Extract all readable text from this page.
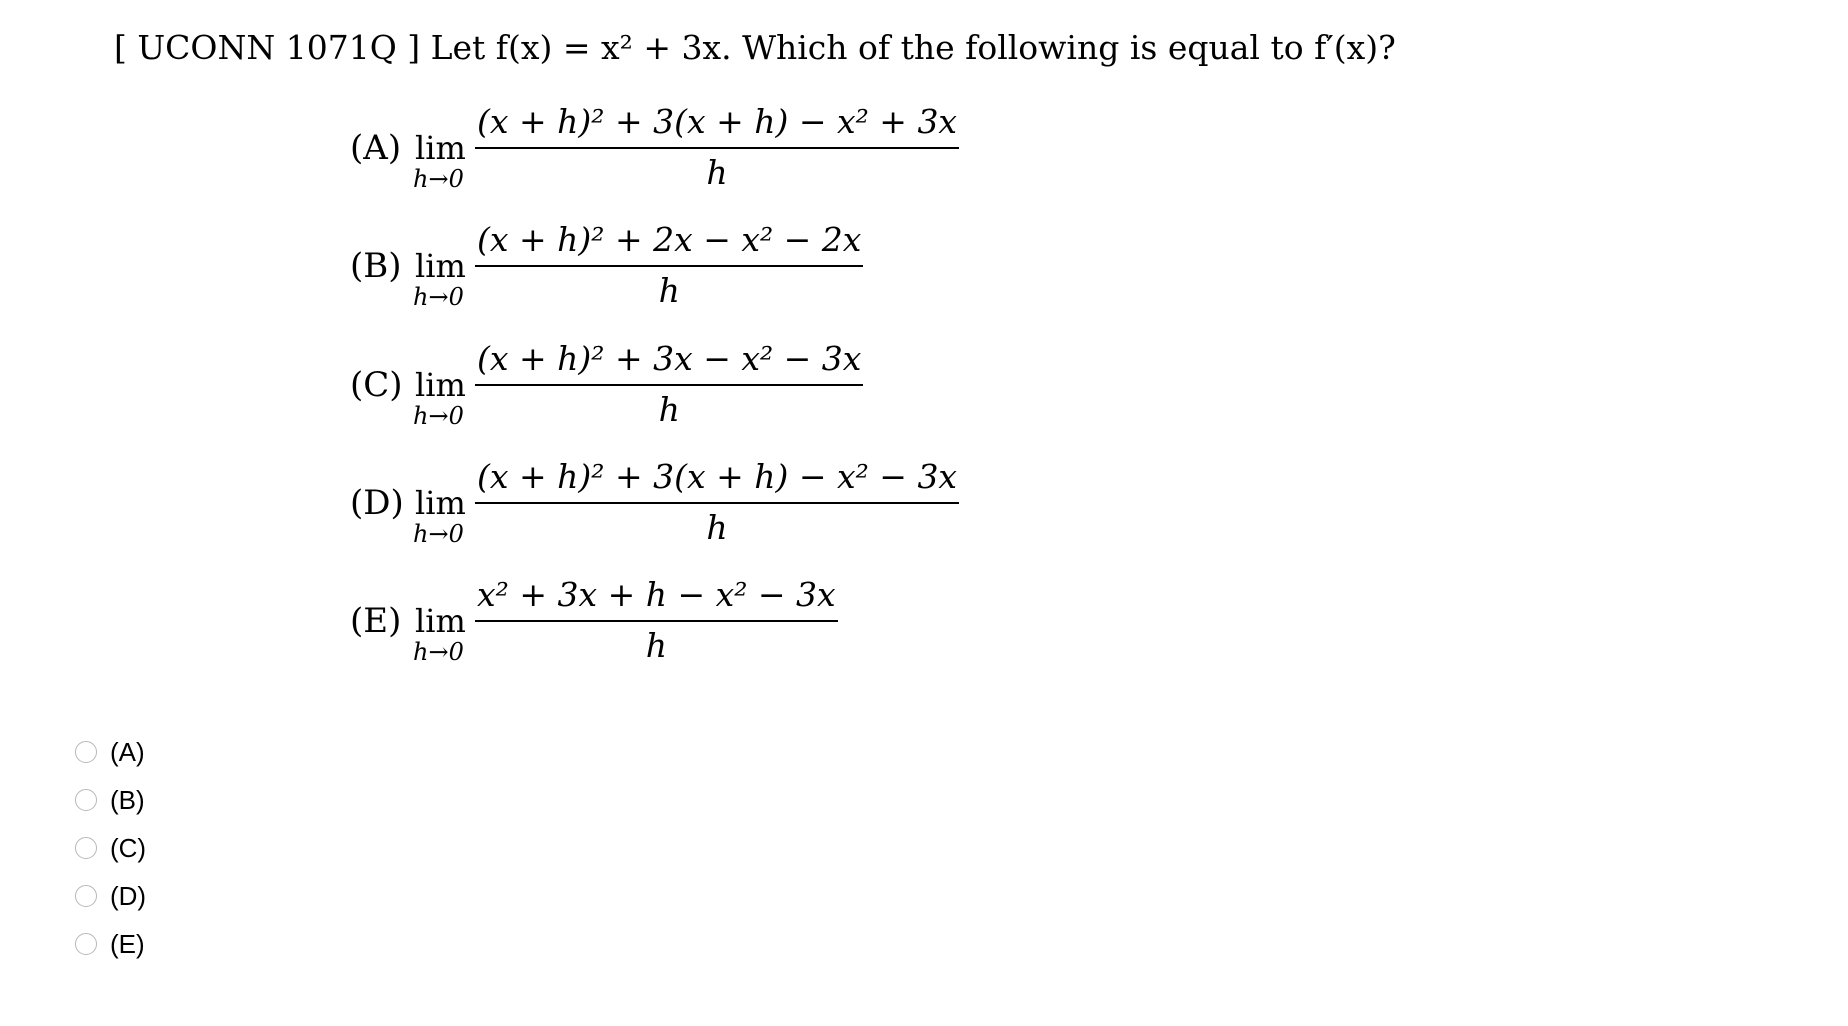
[ UCONN 1071Q ] Let f(x) = x² + 3x. Which of the following is equal to f′(x)?
(A) lim
$h\to 0 \frac{\text{(x + h)² + 3(x + h) − x² + 3x}}{h}$
(B) lim
$h\to 0 \frac{\text{(x + h)² + 2x − x² − 2x}}{h}$
(C) lim
$h\to 0 \frac{\text{(x + h)² + 3x − x² − 3x}}{h}$
(D) lim
$h\to 0 \frac{\text{(x + h)² + 3(x + h) − x² − 3x}}{h}$
(E) lim
$h\to 0 \frac{\text{x² + 3x + h − x² − 3x}}{h}$
(A)
(B)
(C)
(D)
(E)
